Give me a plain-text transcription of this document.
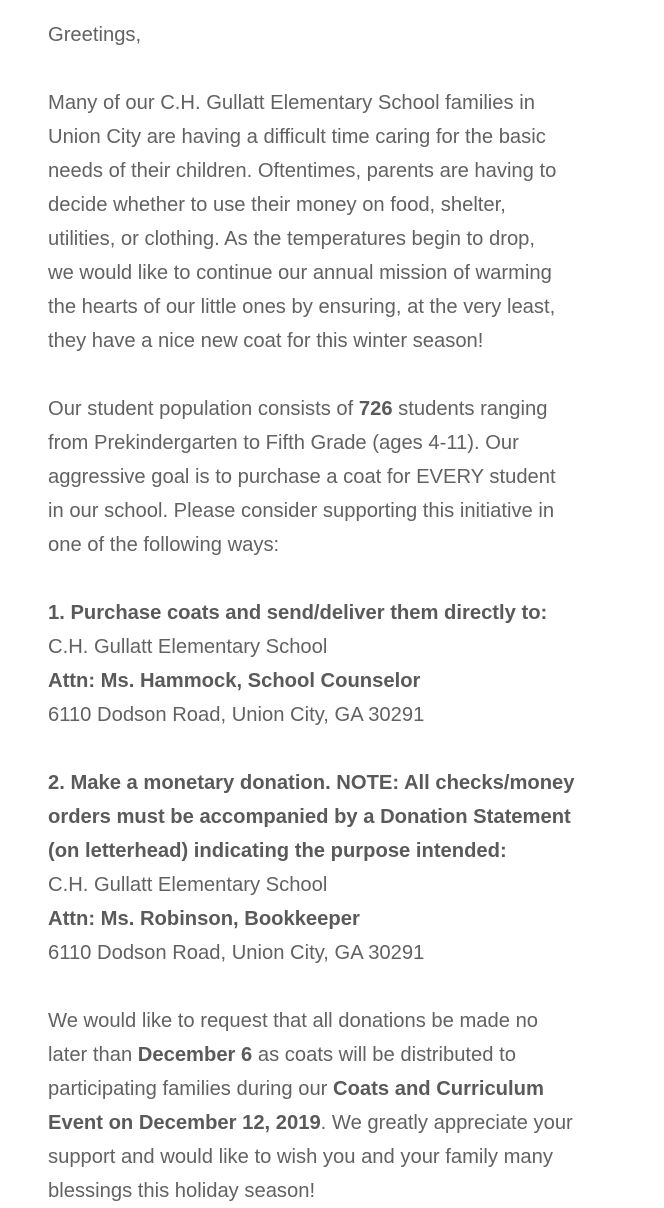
Greetings,

Many of our C.H. Gullatt Elementary School families in
Union City are having a difficult time caring for the basic
needs of their children. Oftentimes, parents are having to
decide whether to use their money on food, shelter,
utilities, or clothing. As the temperatures begin to drop,
we would like to continue our annual mission of warming
the hearts of our little ones by ensuring, at the very least,
they have a nice new coat for this winter season!

Our student population consists of 726 students ranging
from Prekindergarten to Fifth Grade (ages 4-11). Our
aggressive goal is to purchase a coat for EVERY student
in our school. Please consider supporting this initiative in
one of the following ways:

1. Purchase coats and send/deliver them directly to:
C.H. Gullatt Elementary School
Attn: Ms. Hammock, School Counselor
6110 Dodson Road, Union City, GA 30291

2. Make a monetary donation. NOTE: All checks/money
orders must be accompanied by a Donation Statement
(on letterhead) indicating the purpose intended:
C.H. Gullatt Elementary School
Attn: Ms. Robinson, Bookkeeper
6110 Dodson Road, Union City, GA 30291

We would like to request that all donations be made no
later than December 6 as coats will be distributed to
participating families during our Coats and Curriculum
Event on December 12, 2019. We greatly appreciate your
support and would like to wish you and your family many
blessings this holiday season!
